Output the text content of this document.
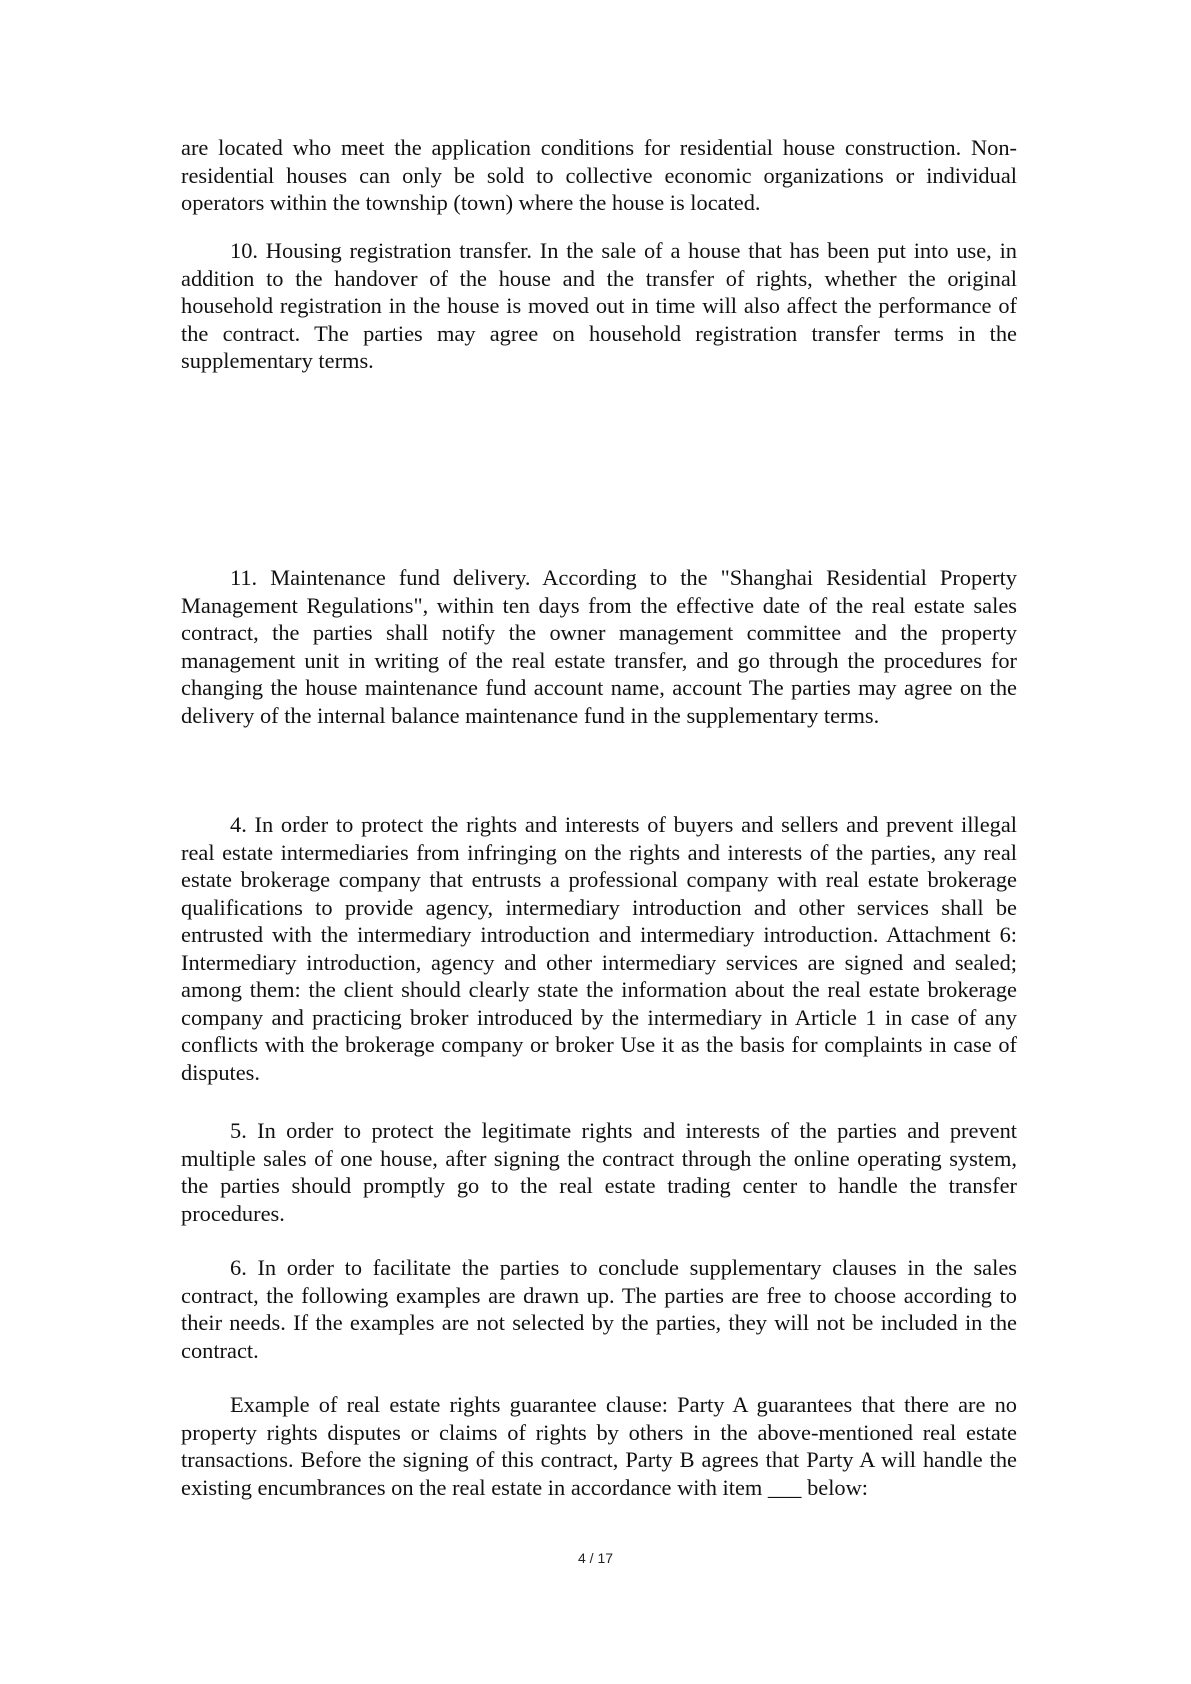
are located who meet the application conditions for residential house construction. Non-residential houses can only be sold to collective economic organizations or individual operators within the township (town) where the house is located.

10. Housing registration transfer. In the sale of a house that has been put into use, in addition to the handover of the house and the transfer of rights, whether the original household registration in the house is moved out in time will also affect the performance of the contract. The parties may agree on household registration transfer terms in the supplementary terms.

11. Maintenance fund delivery. According to the "Shanghai Residential Property Management Regulations", within ten days from the effective date of the real estate sales contract, the parties shall notify the owner management committee and the property management unit in writing of the real estate transfer, and go through the procedures for changing the house maintenance fund account name, account The parties may agree on the delivery of the internal balance maintenance fund in the supplementary terms.

4. In order to protect the rights and interests of buyers and sellers and prevent illegal real estate intermediaries from infringing on the rights and interests of the parties, any real estate brokerage company that entrusts a professional company with real estate brokerage qualifications to provide agency, intermediary introduction and other services shall be entrusted with the intermediary introduction and intermediary introduction. Attachment 6: Intermediary introduction, agency and other intermediary services are signed and sealed; among them: the client should clearly state the information about the real estate brokerage company and practicing broker introduced by the intermediary in Article 1 in case of any conflicts with the brokerage company or broker Use it as the basis for complaints in case of disputes.

5. In order to protect the legitimate rights and interests of the parties and prevent multiple sales of one house, after signing the contract through the online operating system, the parties should promptly go to the real estate trading center to handle the transfer procedures.

6. In order to facilitate the parties to conclude supplementary clauses in the sales contract, the following examples are drawn up. The parties are free to choose according to their needs. If the examples are not selected by the parties, they will not be included in the contract.

Example of real estate rights guarantee clause: Party A guarantees that there are no property rights disputes or claims of rights by others in the above-mentioned real estate transactions. Before the signing of this contract, Party B agrees that Party A will handle the existing encumbrances on the real estate in accordance with item ___ below:

4 / 17
